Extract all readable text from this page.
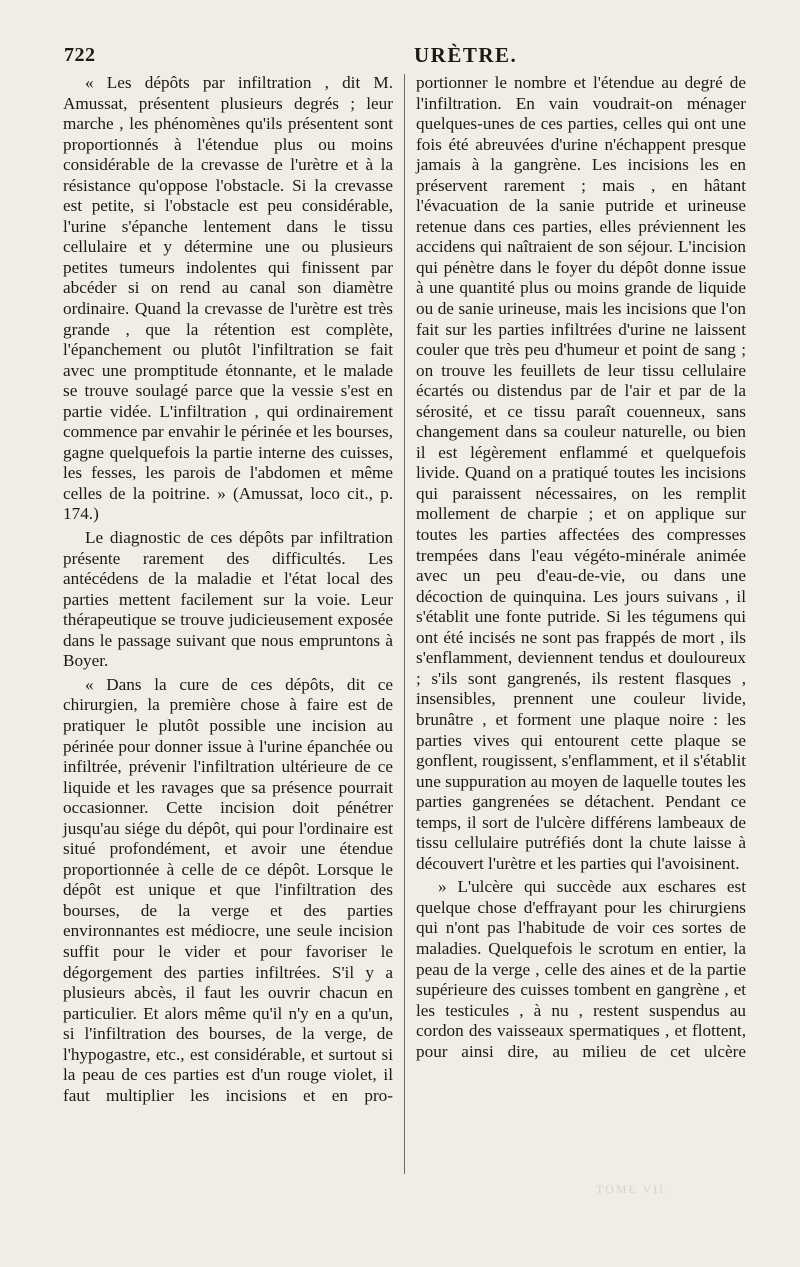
722	URÈTRE.

« Les dépôts par infiltration , dit M. Amussat, présentent plusieurs degrés ; leur marche , les phénomènes qu'ils présentent sont proportionnés à l'étendue plus ou moins considérable de la crevasse de l'urètre et à la résistance qu'oppose l'obstacle. Si la crevasse est petite, si l'obstacle est peu considérable, l'urine s'épanche lentement dans le tissu cellulaire et y détermine une ou plusieurs petites tumeurs indolentes qui finissent par abcéder si on rend au canal son diamètre ordinaire. Quand la crevasse de l'urètre est très grande , que la rétention est complète, l'épanchement ou plutôt l'infiltration se fait avec une promptitude étonnante, et le malade se trouve soulagé parce que la vessie s'est en partie vidée. L'infiltration , qui ordinairement commence par envahir le périnée et les bourses, gagne quelquefois la partie interne des cuisses, les fesses, les parois de l'abdomen et même celles de la poitrine. » (Amussat, loco cit., p. 174.)

Le diagnostic de ces dépôts par infiltration présente rarement des difficultés. Les antécédens de la maladie et l'état local des parties mettent facilement sur la voie. Leur thérapeutique se trouve judicieusement exposée dans le passage suivant que nous empruntons à Boyer.

« Dans la cure de ces dépôts, dit ce chirurgien, la première chose à faire est de pratiquer le plutôt possible une incision au périnée pour donner issue à l'urine épanchée ou infiltrée, prévenir l'infiltration ultérieure de ce liquide et les ravages que sa présence pourrait occasionner. Cette incision doit pénétrer jusqu'au siége du dépôt, qui pour l'ordinaire est situé profondément, et avoir une étendue proportionnée à celle de ce dépôt. Lorsque le dépôt est unique et que l'infiltration des bourses, de la verge et des parties environnantes est médiocre, une seule incision suffit pour le vider et pour favoriser le dégorgement des parties infiltrées. S'il y a plusieurs abcès, il faut les ouvrir chacun en particulier. Et alors même qu'il n'y en a qu'un, si l'infiltration des bourses, de la verge, de l'hypogastre, etc., est considérable, et surtout si la peau de ces parties est d'un rouge violet, il faut multiplier les incisions et en pro-

portionner le nombre et l'étendue au degré de l'infiltration. En vain voudrait-on ménager quelques-unes de ces parties, celles qui ont une fois été abreuvées d'urine n'échappent presque jamais à la gangrène. Les incisions les en préservent rarement ; mais , en hâtant l'évacuation de la sanie putride et urineuse retenue dans ces parties, elles préviennent les accidens qui naîtraient de son séjour. L'incision qui pénètre dans le foyer du dépôt donne issue à une quantité plus ou moins grande de liquide ou de sanie urineuse, mais les incisions que l'on fait sur les parties infiltrées d'urine ne laissent couler que très peu d'humeur et point de sang ; on trouve les feuillets de leur tissu cellulaire écartés ou distendus par de l'air et par de la sérosité, et ce tissu paraît couenneux, sans changement dans sa couleur naturelle, ou bien il est légèrement enflammé et quelquefois livide. Quand on a pratiqué toutes les incisions qui paraissent nécessaires, on les remplit mollement de charpie ; et on applique sur toutes les parties affectées des compresses trempées dans l'eau végéto-minérale animée avec un peu d'eau-de-vie, ou dans une décoction de quinquina. Les jours suivans , il s'établit une fonte putride. Si les tégumens qui ont été incisés ne sont pas frappés de mort , ils s'enflamment, deviennent tendus et douloureux ; s'ils sont gangrenés, ils restent flasques , insensibles, prennent une couleur livide, brunâtre , et forment une plaque noire : les parties vives qui entourent cette plaque se gonflent, rougissent, s'enflamment, et il s'établit une suppuration au moyen de laquelle toutes les parties gangrenées se détachent. Pendant ce temps, il sort de l'ulcère différens lambeaux de tissu cellulaire putréfiés dont la chute laisse à découvert l'urètre et les parties qui l'avoisinent.

» L'ulcère qui succède aux eschares est quelque chose d'effrayant pour les chirurgiens qui n'ont pas l'habitude de voir ces sortes de maladies. Quelquefois le scrotum en entier, la peau de la verge , celle des aines et de la partie supérieure des cuisses tombent en gangrène , et les testicules , à nu , restent suspendus au cordon des vaisseaux spermatiques , et flottent, pour ainsi dire, au milieu de cet ulcère

TOME VII.
